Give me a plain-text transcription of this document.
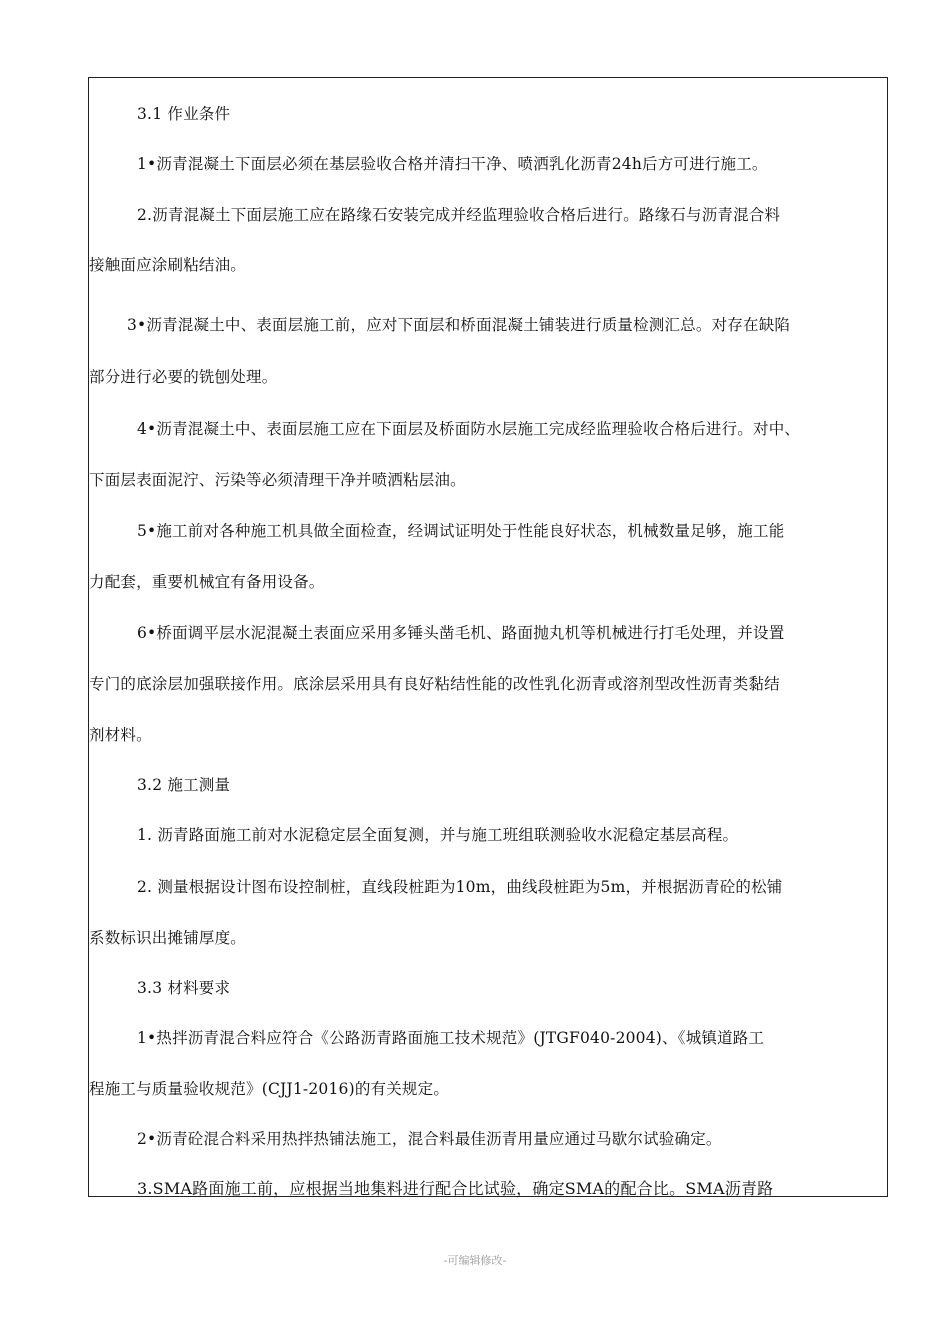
3.1 作业条件

1•沥青混凝土下面层必须在基层验收合格并清扫干净、喷洒乳化沥青24h后方可进行施工。

2.沥青混凝土下面层施工应在路缘石安装完成并经监理验收合格后进行。路缘石与沥青混合料

接触面应涂刷粘结油。

3•沥青混凝土中、表面层施工前，应对下面层和桥面混凝土铺装进行质量检测汇总。对存在缺陷

部分进行必要的铣刨处理。

4•沥青混凝土中、表面层施工应在下面层及桥面防水层施工完成经监理验收合格后进行。对中、

下面层表面泥泞、污染等必须清理干净并喷洒粘层油。

5•施工前对各种施工机具做全面检查，经调试证明处于性能良好状态，机械数量足够，施工能

力配套，重要机械宜有备用设备。

6•桥面调平层水泥混凝土表面应采用多锤头凿毛机、路面抛丸机等机械进行打毛处理，并设置

专门的底涂层加强联接作用。底涂层采用具有良好粘结性能的改性乳化沥青或溶剂型改性沥青类黏结

剂材料。

3.2 施工测量

1. 沥青路面施工前对水泥稳定层全面复测，并与施工班组联测验收水泥稳定基层高程。

2. 测量根据设计图布设控制桩，直线段桩距为10m，曲线段桩距为5m，并根据沥青砼的松铺

系数标识出摊铺厚度。

3.3 材料要求

1•热拌沥青混合料应符合《公路沥青路面施工技术规范》(JTGF040-2004)、《城镇道路工

程施工与质量验收规范》(CJJ1-2016)的有关规定。

2•沥青砼混合料采用热拌热铺法施工，混合料最佳沥青用量应通过马歇尔试验确定。

3.SMA路面施工前，应根据当地集料进行配合比试验，确定SMA的配合比。SMA沥青路

-可编辑修改-
